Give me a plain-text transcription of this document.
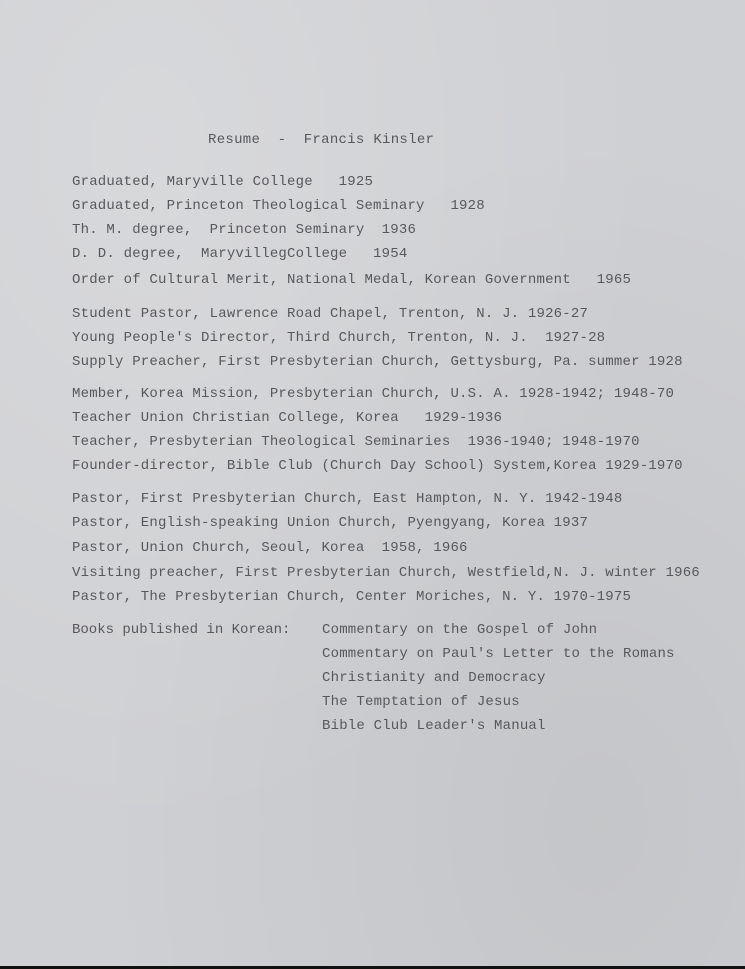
Resume  -  Francis Kinsler
Graduated, Maryville College   1925
Graduated, Princeton Theological Seminary   1928
Th. M. degree,  Princeton Seminary  1936
D. D. degree,  MaryvillegCollege   1954
Order of Cultural Merit, National Medal, Korean Government   1965
Student Pastor, Lawrence Road Chapel, Trenton, N. J. 1926-27
Young People's Director, Third Church, Trenton, N. J.  1927-28
Supply Preacher, First Presbyterian Church, Gettysburg, Pa. summer 1928
Member, Korea Mission, Presbyterian Church, U.S. A. 1928-1942; 1948-70
Teacher Union Christian College, Korea   1929-1936
Teacher, Presbyterian Theological Seminaries  1936-1940; 1948-1970
Founder-director, Bible Club (Church Day School) System,Korea 1929-1970
Pastor, First Presbyterian Church, East Hampton, N. Y. 1942-1948
Pastor, English-speaking Union Church, Pyengyang, Korea 1937
Pastor, Union Church, Seoul, Korea  1958, 1966
Visiting preacher, First Presbyterian Church, Westfield,N. J. winter 1966
Pastor, The Presbyterian Church, Center Moriches, N. Y. 1970-1975
Books published in Korean: Commentary on the Gospel of John
Commentary on Paul's Letter to the Romans
Christianity and Democracy
The Temptation of Jesus
Bible Club Leader's Manual
